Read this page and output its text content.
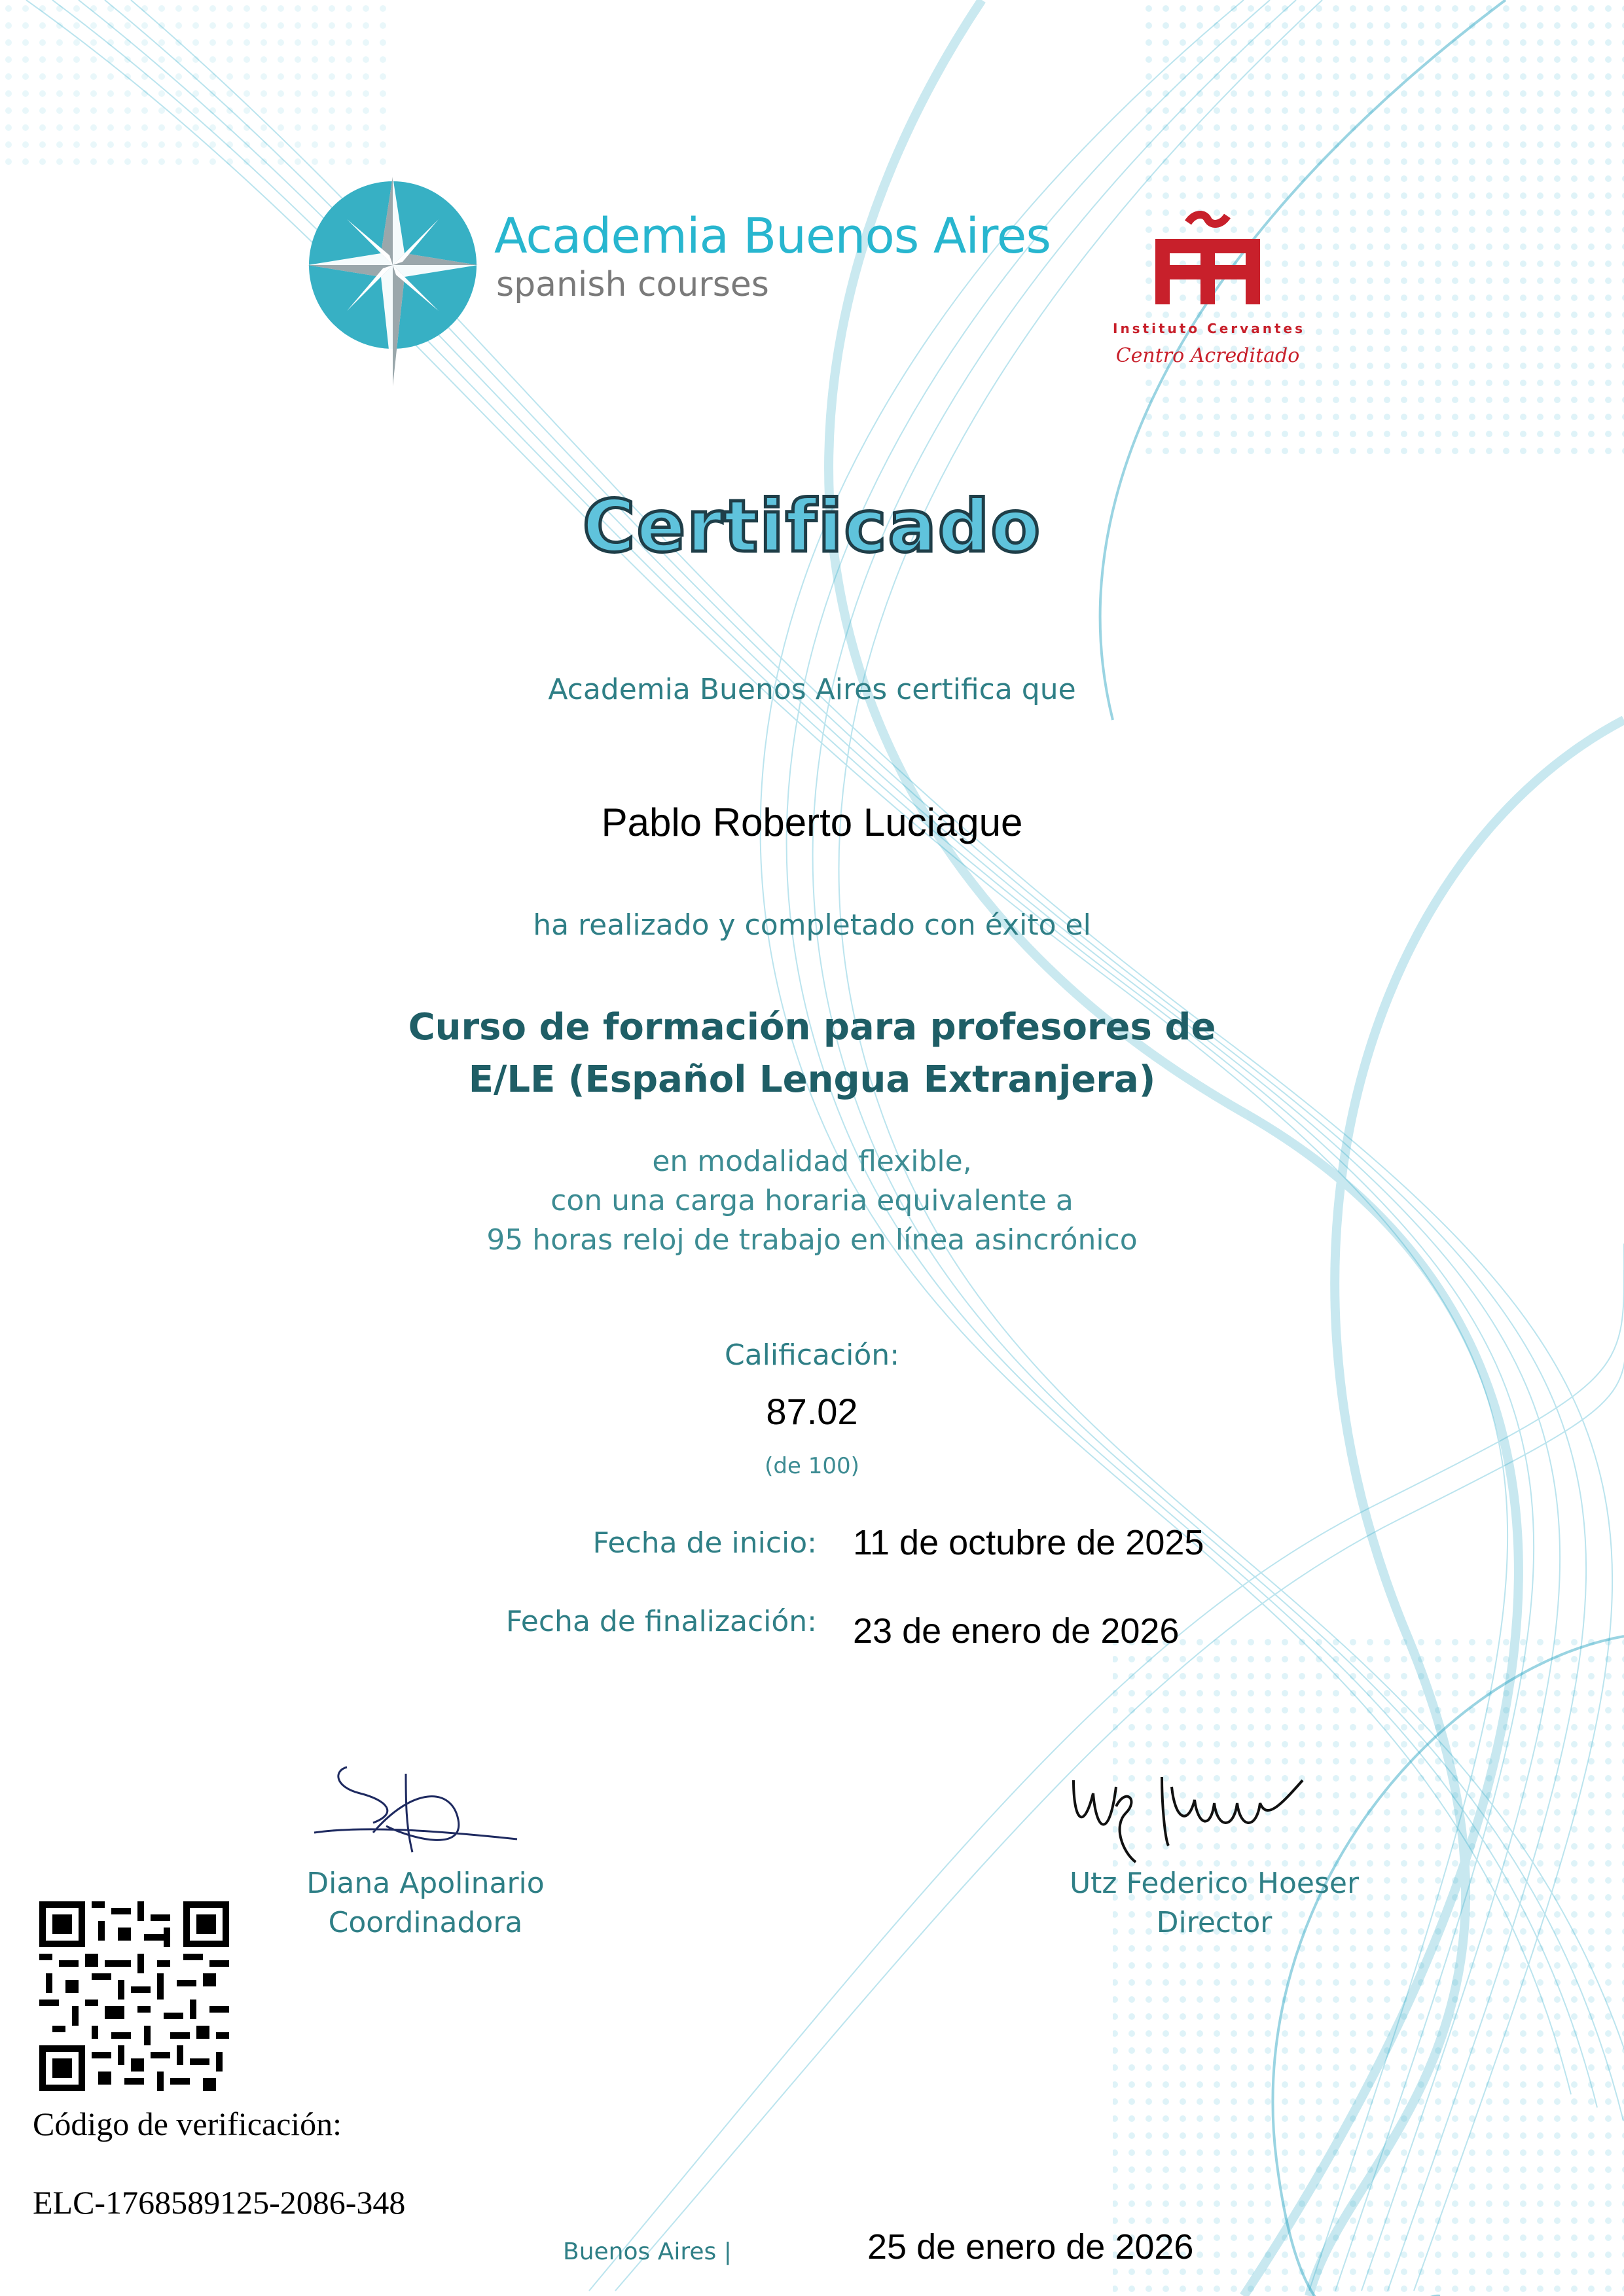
Academia Buenos Aires
spanish courses
Instituto Cervantes
Centro Acreditado
Certificado
Academia Buenos Aires certifica que
Pablo Roberto Luciague
ha realizado y completado con éxito el
Curso de formación para profesores de
E/LE (Español Lengua Extranjera)
en modalidad flexible,
con una carga horaria equivalente a
95 horas reloj de trabajo en línea asincrónico
Calificación:
87.02
(de 100)
Fecha de inicio: 11 de octubre de 2025
Fecha de finalización: 23 de enero de 2026
Diana Apolinario
Coordinadora
Utz Federico Hoeser
Director
Código de verificación:
ELC-1768589125-2086-348
Buenos Aires |	25 de enero de 2026
